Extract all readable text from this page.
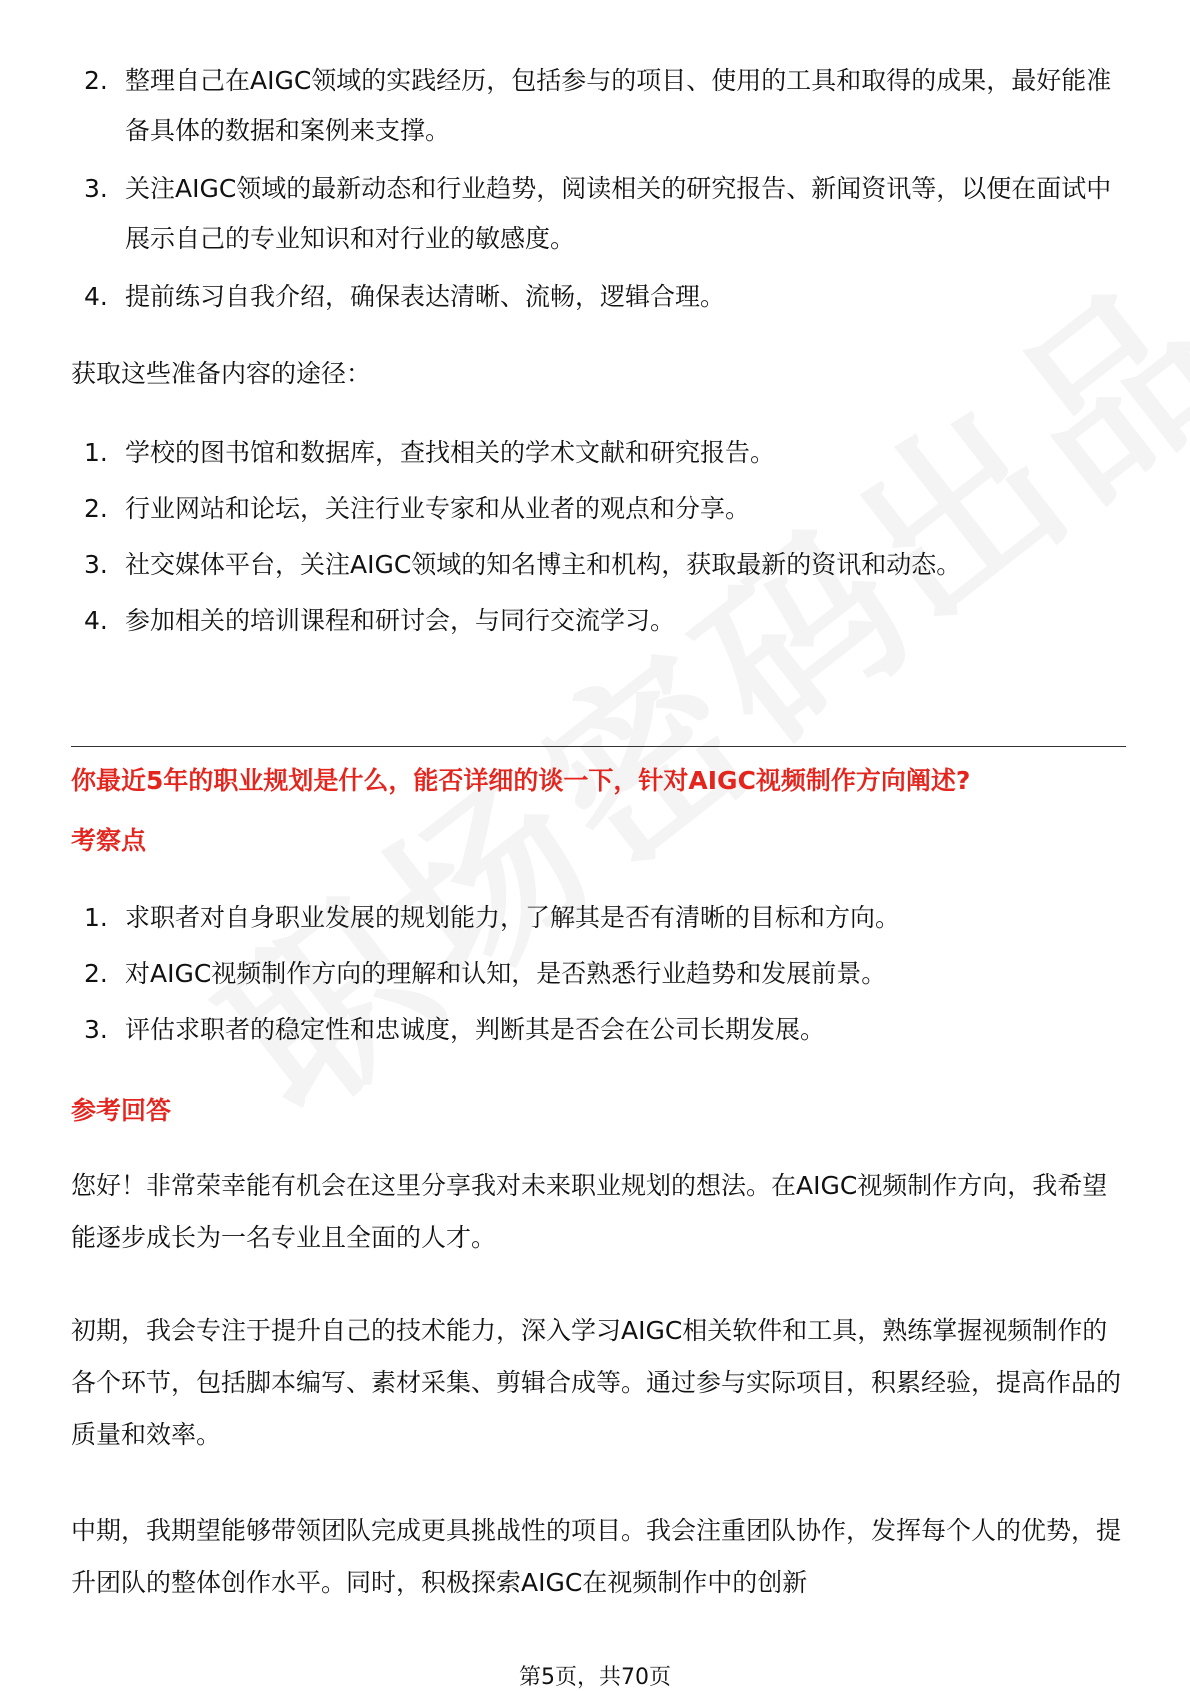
2. 整理自己在AIGC领域的实践经历，包括参与的项目、使用的工具和取得的成果，最好能准备具体的数据和案例来支撑。
3. 关注AIGC领域的最新动态和行业趋势，阅读相关的研究报告、新闻资讯等，以便在面试中展示自己的专业知识和对行业的敏感度。
4. 提前练习自我介绍，确保表达清晰、流畅，逻辑合理。
获取这些准备内容的途径：
1. 学校的图书馆和数据库，查找相关的学术文献和研究报告。
2. 行业网站和论坛，关注行业专家和从业者的观点和分享。
3. 社交媒体平台，关注AIGC领域的知名博主和机构，获取最新的资讯和动态。
4. 参加相关的培训课程和研讨会，与同行交流学习。
你最近5年的职业规划是什么，能否详细的谈一下，针对AIGC视频制作方向阐述?
考察点
1. 求职者对自身职业发展的规划能力，了解其是否有清晰的目标和方向。
2. 对AIGC视频制作方向的理解和认知，是否熟悉行业趋势和发展前景。
3. 评估求职者的稳定性和忠诚度，判断其是否会在公司长期发展。
参考回答
您好！非常荣幸能有机会在这里分享我对未来职业规划的想法。在AIGC视频制作方向，我希望能逐步成长为一名专业且全面的人才。
初期，我会专注于提升自己的技术能力，深入学习AIGC相关软件和工具，熟练掌握视频制作的各个环节，包括脚本编写、素材采集、剪辑合成等。通过参与实际项目，积累经验，提高作品的质量和效率。
中期，我期望能够带领团队完成更具挑战性的项目。我会注重团队协作，发挥每个人的优势，提升团队的整体创作水平。同时，积极探索AIGC在视频制作中的创新
第5页，共70页
